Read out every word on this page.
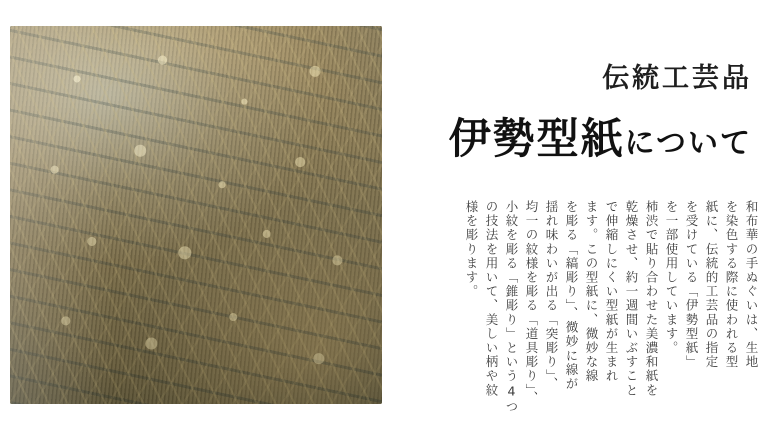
伝統工芸品
伊勢型紙について
和布華の手ぬぐいは、生地
を染色する際に使われる型
紙に、伝統的工芸品の指定
を受けている「伊勢型紙」
を一部使用しています。
柿渋で貼り合わせた美濃和紙を
乾燥させ、約一週間いぶすこと
で伸縮しにくい型紙が生まれ
ます。この型紙に、微妙な線
を彫る「縞彫り」、微妙に線が
揺れ味わいが出る「突彫り」、
均一の紋様を彫る「道具彫り」、
小紋を彫る「錐彫り」という4つ
の技法を用いて、美しい柄や紋
様を彫ります。
